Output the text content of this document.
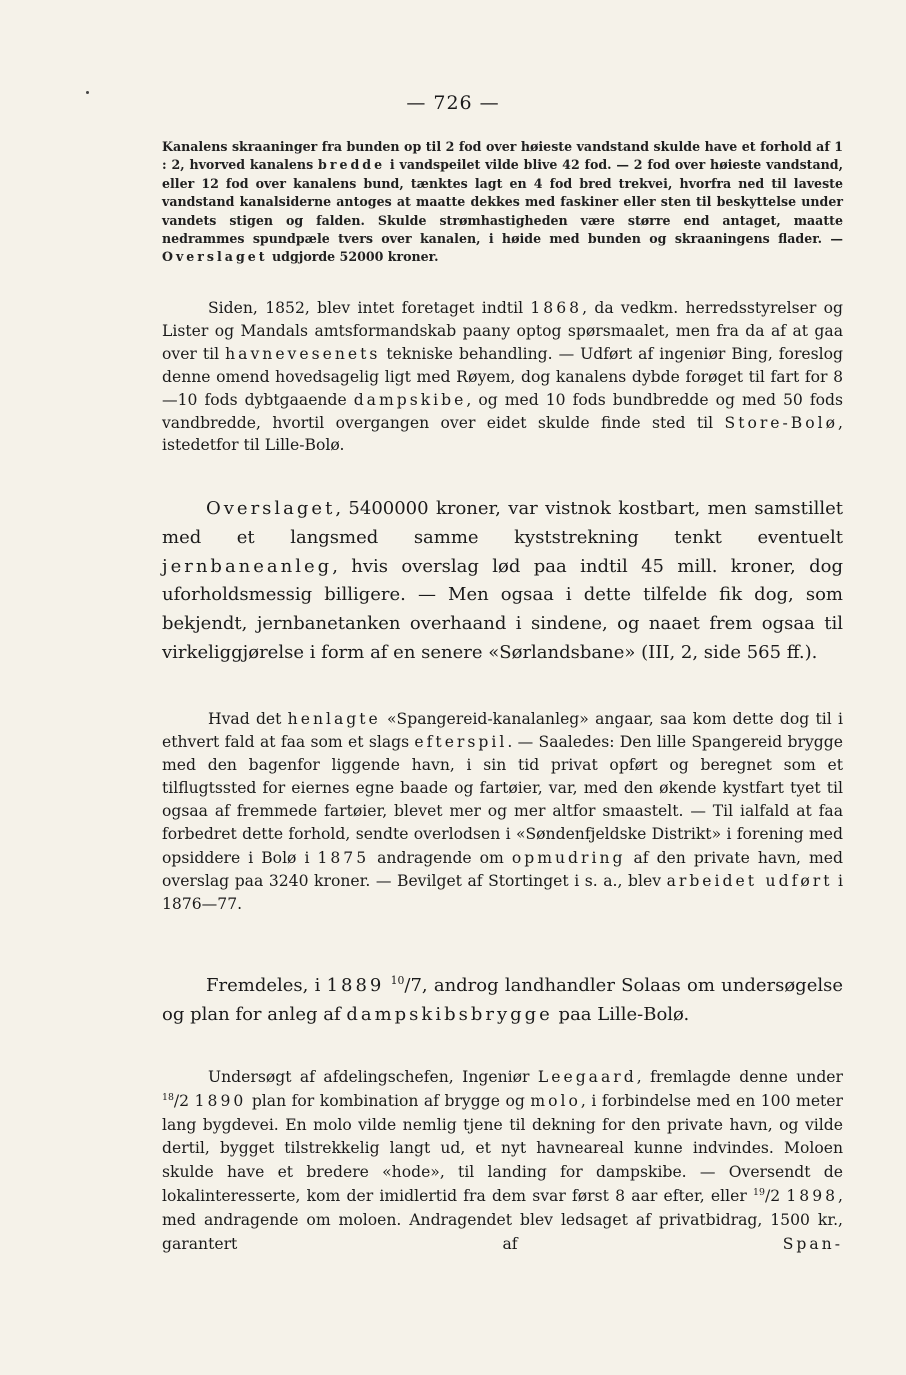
— 726 —

Kanalens skraaninger fra bunden op til 2 fod over høieste vandstand skulde have et forhold af 1 : 2, hvorved kanalens bredde i vandspeilet vilde blive 42 fod. — 2 fod over høieste vandstand, eller 12 fod over kanalens bund, tænktes lagt en 4 fod bred trekvei, hvorfra ned til laveste vandstand kanalsiderne antoges at maatte dekkes med faskiner eller sten til beskyttelse under vandets stigen og falden. Skulde strømhastigheden være større end antaget, maatte nedrammes spundpæle tvers over kanalen, i høide med bunden og skraaningens flader. — Overslaget udgjorde 52000 kroner.

Siden, 1852, blev intet foretaget indtil 1868, da vedkm. herredsstyrelser og Lister og Mandals amtsformandskab paany optog spørsmaalet, men fra da af at gaa over til havnevesenets tekniske behandling. — Udført af ingeniør Bing, foreslog denne omend hovedsagelig ligt med Røyem, dog kanalens dybde forøget til fart for 8—10 fods dybtgaaende dampskibe, og med 10 fods bundbredde og med 50 fods vandbredde, hvortil overgangen over eidet skulde finde sted til Store-Bolø, istedetfor til Lille-Bolø.

Overslaget, 5400000 kroner, var vistnok kostbart, men samstillet med et langsmed samme kyststrekning tenkt eventuelt jernbaneanleg, hvis overslag lød paa indtil 45 mill. kroner, dog uforholdsmessig billigere. — Men ogsaa i dette tilfelde fik dog, som bekjendt, jernbanetanken overhaand i sindene, og naaet frem ogsaa til virkeliggjørelse i form af en senere «Sørlandsbane» (III, 2, side 565 ff.).

Hvad det henlagte «Spangereid-kanalanleg» angaar, saa kom dette dog til i ethvert fald at faa som et slags efterspil. — Saaledes: Den lille Spangereid brygge med den bagenfor liggende havn, i sin tid privat opført og beregnet som et tilflugtssted for eiernes egne baade og fartøier, var, med den økende kystfart tyet til ogsaa af fremmede fartøier, blevet mer og mer altfor smaastelt. — Til ialfald at faa forbedret dette forhold, sendte overlodsen i «Søndenfjeldske Distrikt» i forening med opsiddere i Bolø i 1875 andragende om opmudring af den private havn, med overslag paa 3240 kroner. — Bevilget af Stortinget i s. a., blev arbeidet udført i 1876—77.

Fremdeles, i 1889 $^{10}$/7, androg landhandler Solaas om undersøgelse og plan for anleg af dampskibsbrygge paa Lille-Bolø.

Undersøgt af afdelingschefen, Ingeniør Leegaard, fremlagde denne under $^{18}$/2 1890 plan for kombination af brygge og molo, i forbindelse med en 100 meter lang bygdevei. En molo vilde nemlig tjene til dekning for den private havn, og vilde dertil, bygget tilstrekkelig langt ud, et nyt havneareal kunne indvindes. Moloen skulde have et bredere «hode», til landing for dampskibe. — Oversendt de lokalinteresserte, kom der imidlertid fra dem svar først 8 aar efter, eller $^{19}$/2 1898, med andragende om moloen. Andragendet blev ledsaget af privatbidrag, 1500 kr., garantert af Span-
